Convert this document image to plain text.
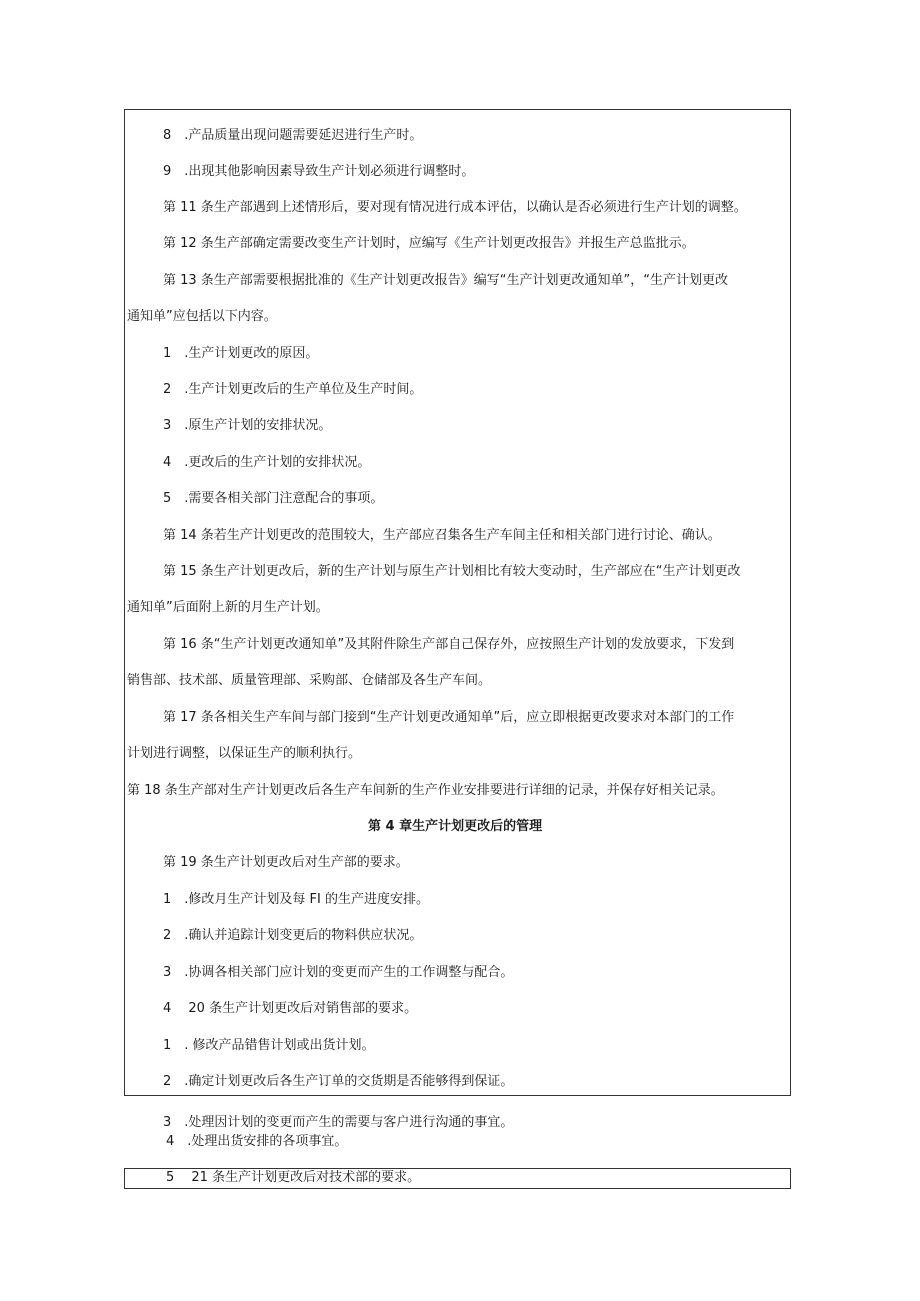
8　.产品质量出现问题需要延迟进行生产时。
9　.出现其他影响因素导致生产计划必须进行调整时。
第 11 条生产部遇到上述情形后，要对现有情况进行成本评估，以确认是否必须进行生产计划的调整。
第 12 条生产部确定需要改变生产计划时，应编写《生产计划更改报告》并报生产总监批示。
第 13 条生产部需要根据批准的《生产计划更改报告》编写“生产计划更改通知单”，“生产计划更改
通知单”应包括以下内容。
1　.生产计划更改的原因。
2　.生产计划更改后的生产单位及生产时间。
3　.原生产计划的安排状况。
4　.更改后的生产计划的安排状况。
5　.需要各相关部门注意配合的事项。
第 14 条若生产计划更改的范围较大，生产部应召集各生产车间主任和相关部门进行讨论、确认。
第 15 条生产计划更改后，新的生产计划与原生产计划相比有较大变动时，生产部应在“生产计划更改
通知单”后面附上新的月生产计划。
第 16 条“生产计划更改通知单”及其附件除生产部自己保存外，应按照生产计划的发放要求，下发到
销售部、技术部、质量管理部、采购部、仓储部及各生产车间。
第 17 条各相关生产车间与部门接到“生产计划更改通知单”后，应立即根据更改要求对本部门的工作
计划进行调整，以保证生产的顺利执行。
第 18 条生产部对生产计划更改后各生产车间新的生产作业安排要进行详细的记录，并保存好相关记录。
第 4 章生产计划更改后的管理
第 19 条生产计划更改后对生产部的要求。
1　.修改月生产计划及每 FI 的生产进度安排。
2　.确认并追踪计划变更后的物料供应状况。
3　.协调各相关部门应计划的变更而产生的工作调整与配合。
4　 20 条生产计划更改后对销售部的要求。
1　. 修改产品错售计划或出货计划。
2　.确定计划更改后各生产订单的交货期是否能够得到保证。
3　.处理因计划的变更而产生的需要与客户进行沟通的事宜。
4　.处理出货安排的各项事宜。
5　 21 条生产计划更改后对技术部的要求。
